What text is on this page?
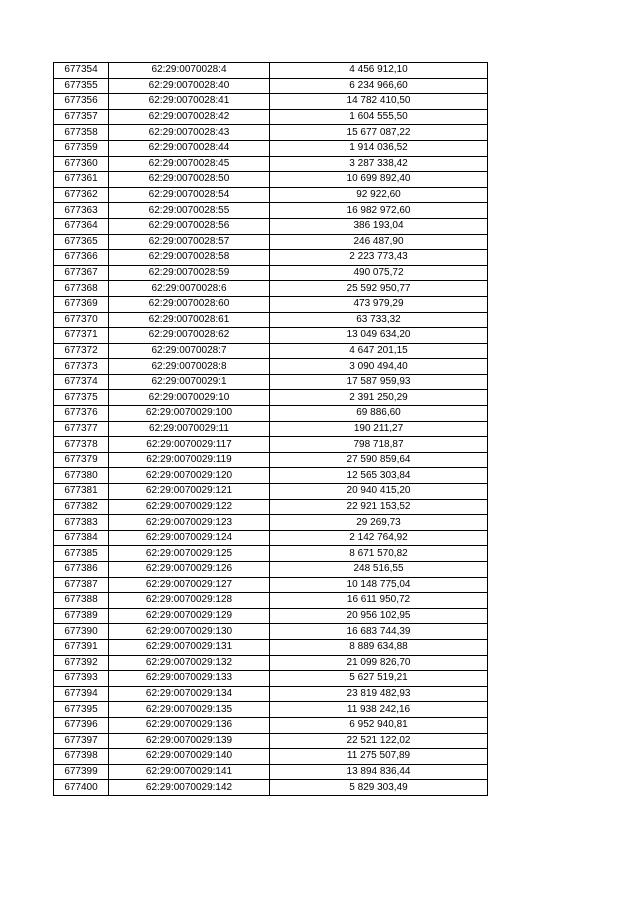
677354	62:29:0070028:4	4 456 912,10
677355	62:29:0070028:40	6 234 966,60
677356	62:29:0070028:41	14 782 410,50
677357	62:29:0070028:42	1 604 555,50
677358	62:29:0070028:43	15 677 087,22
677359	62:29:0070028:44	1 914 036,52
677360	62:29:0070028:45	3 287 338,42
677361	62:29:0070028:50	10 699 892,40
677362	62:29:0070028:54	92 922,60
677363	62:29:0070028:55	16 982 972,60
677364	62:29:0070028:56	386 193,04
677365	62:29:0070028:57	246 487,90
677366	62:29:0070028:58	2 223 773,43
677367	62:29:0070028:59	490 075,72
677368	62:29:0070028:6	25 592 950,77
677369	62:29:0070028:60	473 979,29
677370	62:29:0070028:61	63 733,32
677371	62:29:0070028:62	13 049 634,20
677372	62:29:0070028:7	4 647 201,15
677373	62:29:0070028:8	3 090 494,40
677374	62:29:0070029:1	17 587 959,93
677375	62:29:0070029:10	2 391 250,29
677376	62:29:0070029:100	69 886,60
677377	62:29:0070029:11	190 211,27
677378	62:29:0070029:117	798 718,87
677379	62:29:0070029:119	27 590 859,64
677380	62:29:0070029:120	12 565 303,84
677381	62:29:0070029:121	20 940 415,20
677382	62:29:0070029:122	22 921 153,52
677383	62:29:0070029:123	29 269,73
677384	62:29:0070029:124	2 142 764,92
677385	62:29:0070029:125	8 671 570,82
677386	62:29:0070029:126	248 516,55
677387	62:29:0070029:127	10 148 775,04
677388	62:29:0070029:128	16 611 950,72
677389	62:29:0070029:129	20 956 102,95
677390	62:29:0070029:130	16 683 744,39
677391	62:29:0070029:131	8 889 634,88
677392	62:29:0070029:132	21 099 826,70
677393	62:29:0070029:133	5 627 519,21
677394	62:29:0070029:134	23 819 482,93
677395	62:29:0070029:135	11 938 242,16
677396	62:29:0070029:136	6 952 940,81
677397	62:29:0070029:139	22 521 122,02
677398	62:29:0070029:140	11 275 507,89
677399	62:29:0070029:141	13 894 836,44
677400	62:29:0070029:142	5 829 303,49
